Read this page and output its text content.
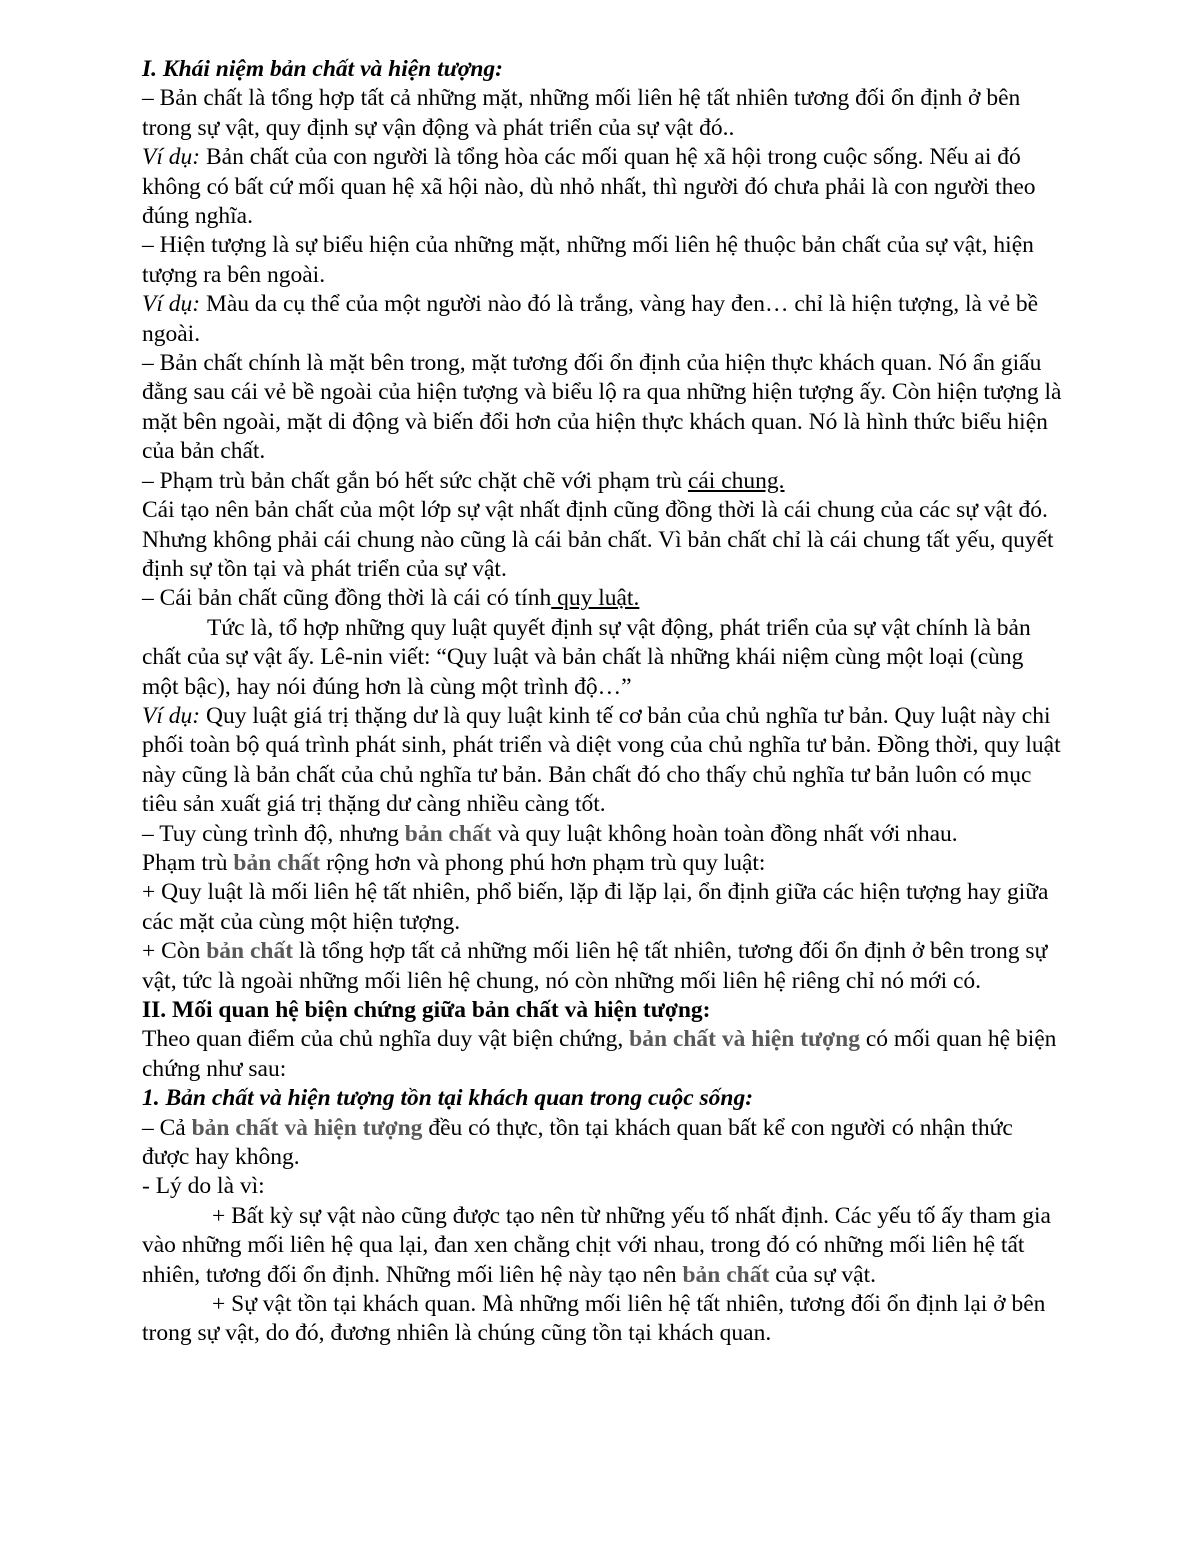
I. Khái niệm bản chất và hiện tượng:

– Bản chất là tổng hợp tất cả những mặt, những mối liên hệ tất nhiên tương đối ổn định ở bên trong sự vật, quy định sự vận động và phát triển của sự vật đó..

Ví dụ: Bản chất của con người là tổng hòa các mối quan hệ xã hội trong cuộc sống. Nếu ai đó không có bất cứ mối quan hệ xã hội nào, dù nhỏ nhất, thì người đó chưa phải là con người theo đúng nghĩa.

– Hiện tượng là sự biểu hiện của những mặt, những mối liên hệ thuộc bản chất của sự vật, hiện tượng ra bên ngoài.

Ví dụ: Màu da cụ thể của một người nào đó là trắng, vàng hay đen… chỉ là hiện tượng, là vẻ bề ngoài.

– Bản chất chính là mặt bên trong, mặt tương đối ổn định của hiện thực khách quan. Nó ẩn giấu đằng sau cái vẻ bề ngoài của hiện tượng và biểu lộ ra qua những hiện tượng ấy. Còn hiện tượng là mặt bên ngoài, mặt di động và biến đổi hơn của hiện thực khách quan. Nó là hình thức biểu hiện của bản chất.

– Phạm trù bản chất gắn bó hết sức chặt chẽ với phạm trù cái chung.

Cái tạo nên bản chất của một lớp sự vật nhất định cũng đồng thời là cái chung của các sự vật đó.

Nhưng không phải cái chung nào cũng là cái bản chất. Vì bản chất chỉ là cái chung tất yếu, quyết định sự tồn tại và phát triển của sự vật.

– Cái bản chất cũng đồng thời là cái có tính quy luật.

Tức là, tổ hợp những quy luật quyết định sự vật động, phát triển của sự vật chính là bản chất của sự vật ấy. Lê-nin viết: “Quy luật và bản chất là những khái niệm cùng một loại (cùng một bậc), hay nói đúng hơn là cùng một trình độ…”

Ví dụ: Quy luật giá trị thặng dư là quy luật kinh tế cơ bản của chủ nghĩa tư bản. Quy luật này chi phối toàn bộ quá trình phát sinh, phát triển và diệt vong của chủ nghĩa tư bản. Đồng thời, quy luật này cũng là bản chất của chủ nghĩa tư bản. Bản chất đó cho thấy chủ nghĩa tư bản luôn có mục tiêu sản xuất giá trị thặng dư càng nhiều càng tốt.

– Tuy cùng trình độ, nhưng bản chất và quy luật không hoàn toàn đồng nhất với nhau.

Phạm trù bản chất rộng hơn và phong phú hơn phạm trù quy luật:

+ Quy luật là mối liên hệ tất nhiên, phổ biến, lặp đi lặp lại, ổn định giữa các hiện tượng hay giữa các mặt của cùng một hiện tượng.

+ Còn bản chất là tổng hợp tất cả những mối liên hệ tất nhiên, tương đối ổn định ở bên trong sự vật, tức là ngoài những mối liên hệ chung, nó còn những mối liên hệ riêng chỉ nó mới có.

II. Mối quan hệ biện chứng giữa bản chất và hiện tượng:

Theo quan điểm của chủ nghĩa duy vật biện chứng, bản chất và hiện tượng có mối quan hệ biện chứng như sau:

1. Bản chất và hiện tượng tồn tại khách quan trong cuộc sống:

– Cả bản chất và hiện tượng đều có thực, tồn tại khách quan bất kể con người có nhận thức được hay không.

- Lý do là vì:

+ Bất kỳ sự vật nào cũng được tạo nên từ những yếu tố nhất định. Các yếu tố ấy tham gia vào những mối liên hệ qua lại, đan xen chằng chịt với nhau, trong đó có những mối liên hệ tất nhiên, tương đối ổn định. Những mối liên hệ này tạo nên bản chất của sự vật.

+ Sự vật tồn tại khách quan. Mà những mối liên hệ tất nhiên, tương đối ổn định lại ở bên trong sự vật, do đó, đương nhiên là chúng cũng tồn tại khách quan.
